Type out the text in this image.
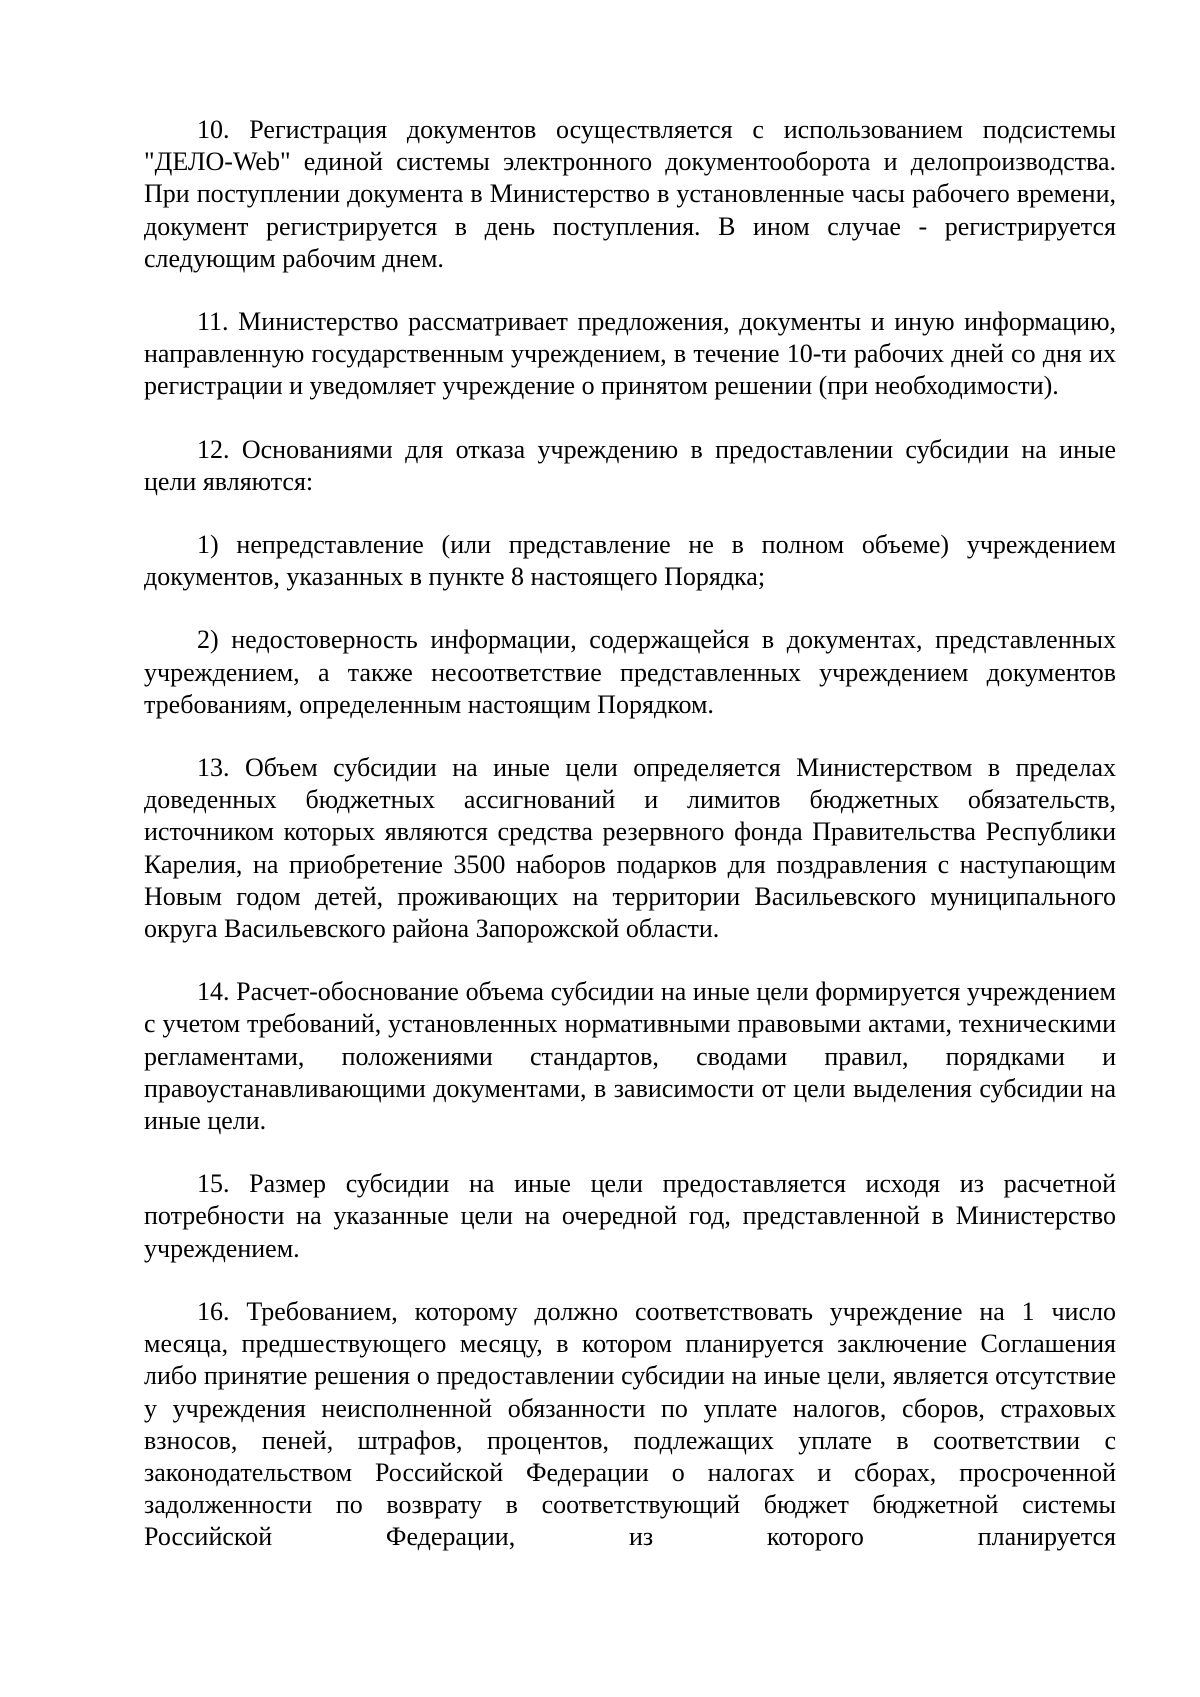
10. Регистрация документов осуществляется с использованием подсистемы "ДЕЛО-Web" единой системы электронного документооборота и делопроизводства. При поступлении документа в Министерство в установленные часы рабочего времени, документ регистрируется в день поступления. В ином случае - регистрируется следующим рабочим днем.

11. Министерство рассматривает предложения, документы и иную информацию, направленную государственным учреждением, в течение 10-ти рабочих дней со дня их регистрации и уведомляет учреждение о принятом решении (при необходимости).

12. Основаниями для отказа учреждению в предоставлении субсидии на иные цели являются:

1) непредставление (или представление не в полном объеме) учреждением документов, указанных в пункте 8 настоящего Порядка;

2) недостоверность информации, содержащейся в документах, представленных учреждением, а также несоответствие представленных учреждением документов требованиям, определенным настоящим Порядком.

13. Объем субсидии на иные цели определяется Министерством в пределах доведенных бюджетных ассигнований и лимитов бюджетных обязательств, источником которых являются средства резервного фонда Правительства Республики Карелия, на приобретение 3500 наборов подарков для поздравления с наступающим Новым годом детей, проживающих на территории Васильевского муниципального округа Васильевского района Запорожской области.

14. Расчет-обоснование объема субсидии на иные цели формируется учреждением с учетом требований, установленных нормативными правовыми актами, техническими регламентами, положениями стандартов, сводами правил, порядками и правоустанавливающими документами, в зависимости от цели выделения субсидии на иные цели.

15. Размер субсидии на иные цели предоставляется исходя из расчетной потребности на указанные цели на очередной год, представленной в Министерство учреждением.

16. Требованием, которому должно соответствовать учреждение на 1 число месяца, предшествующего месяцу, в котором планируется заключение Соглашения либо принятие решения о предоставлении субсидии на иные цели, является отсутствие у учреждения неисполненной обязанности по уплате налогов, сборов, страховых взносов, пеней, штрафов, процентов, подлежащих уплате в соответствии с законодательством Российской Федерации о налогах и сборах, просроченной задолженности по возврату в соответствующий бюджет бюджетной системы Российской Федерации, из которого планируется
